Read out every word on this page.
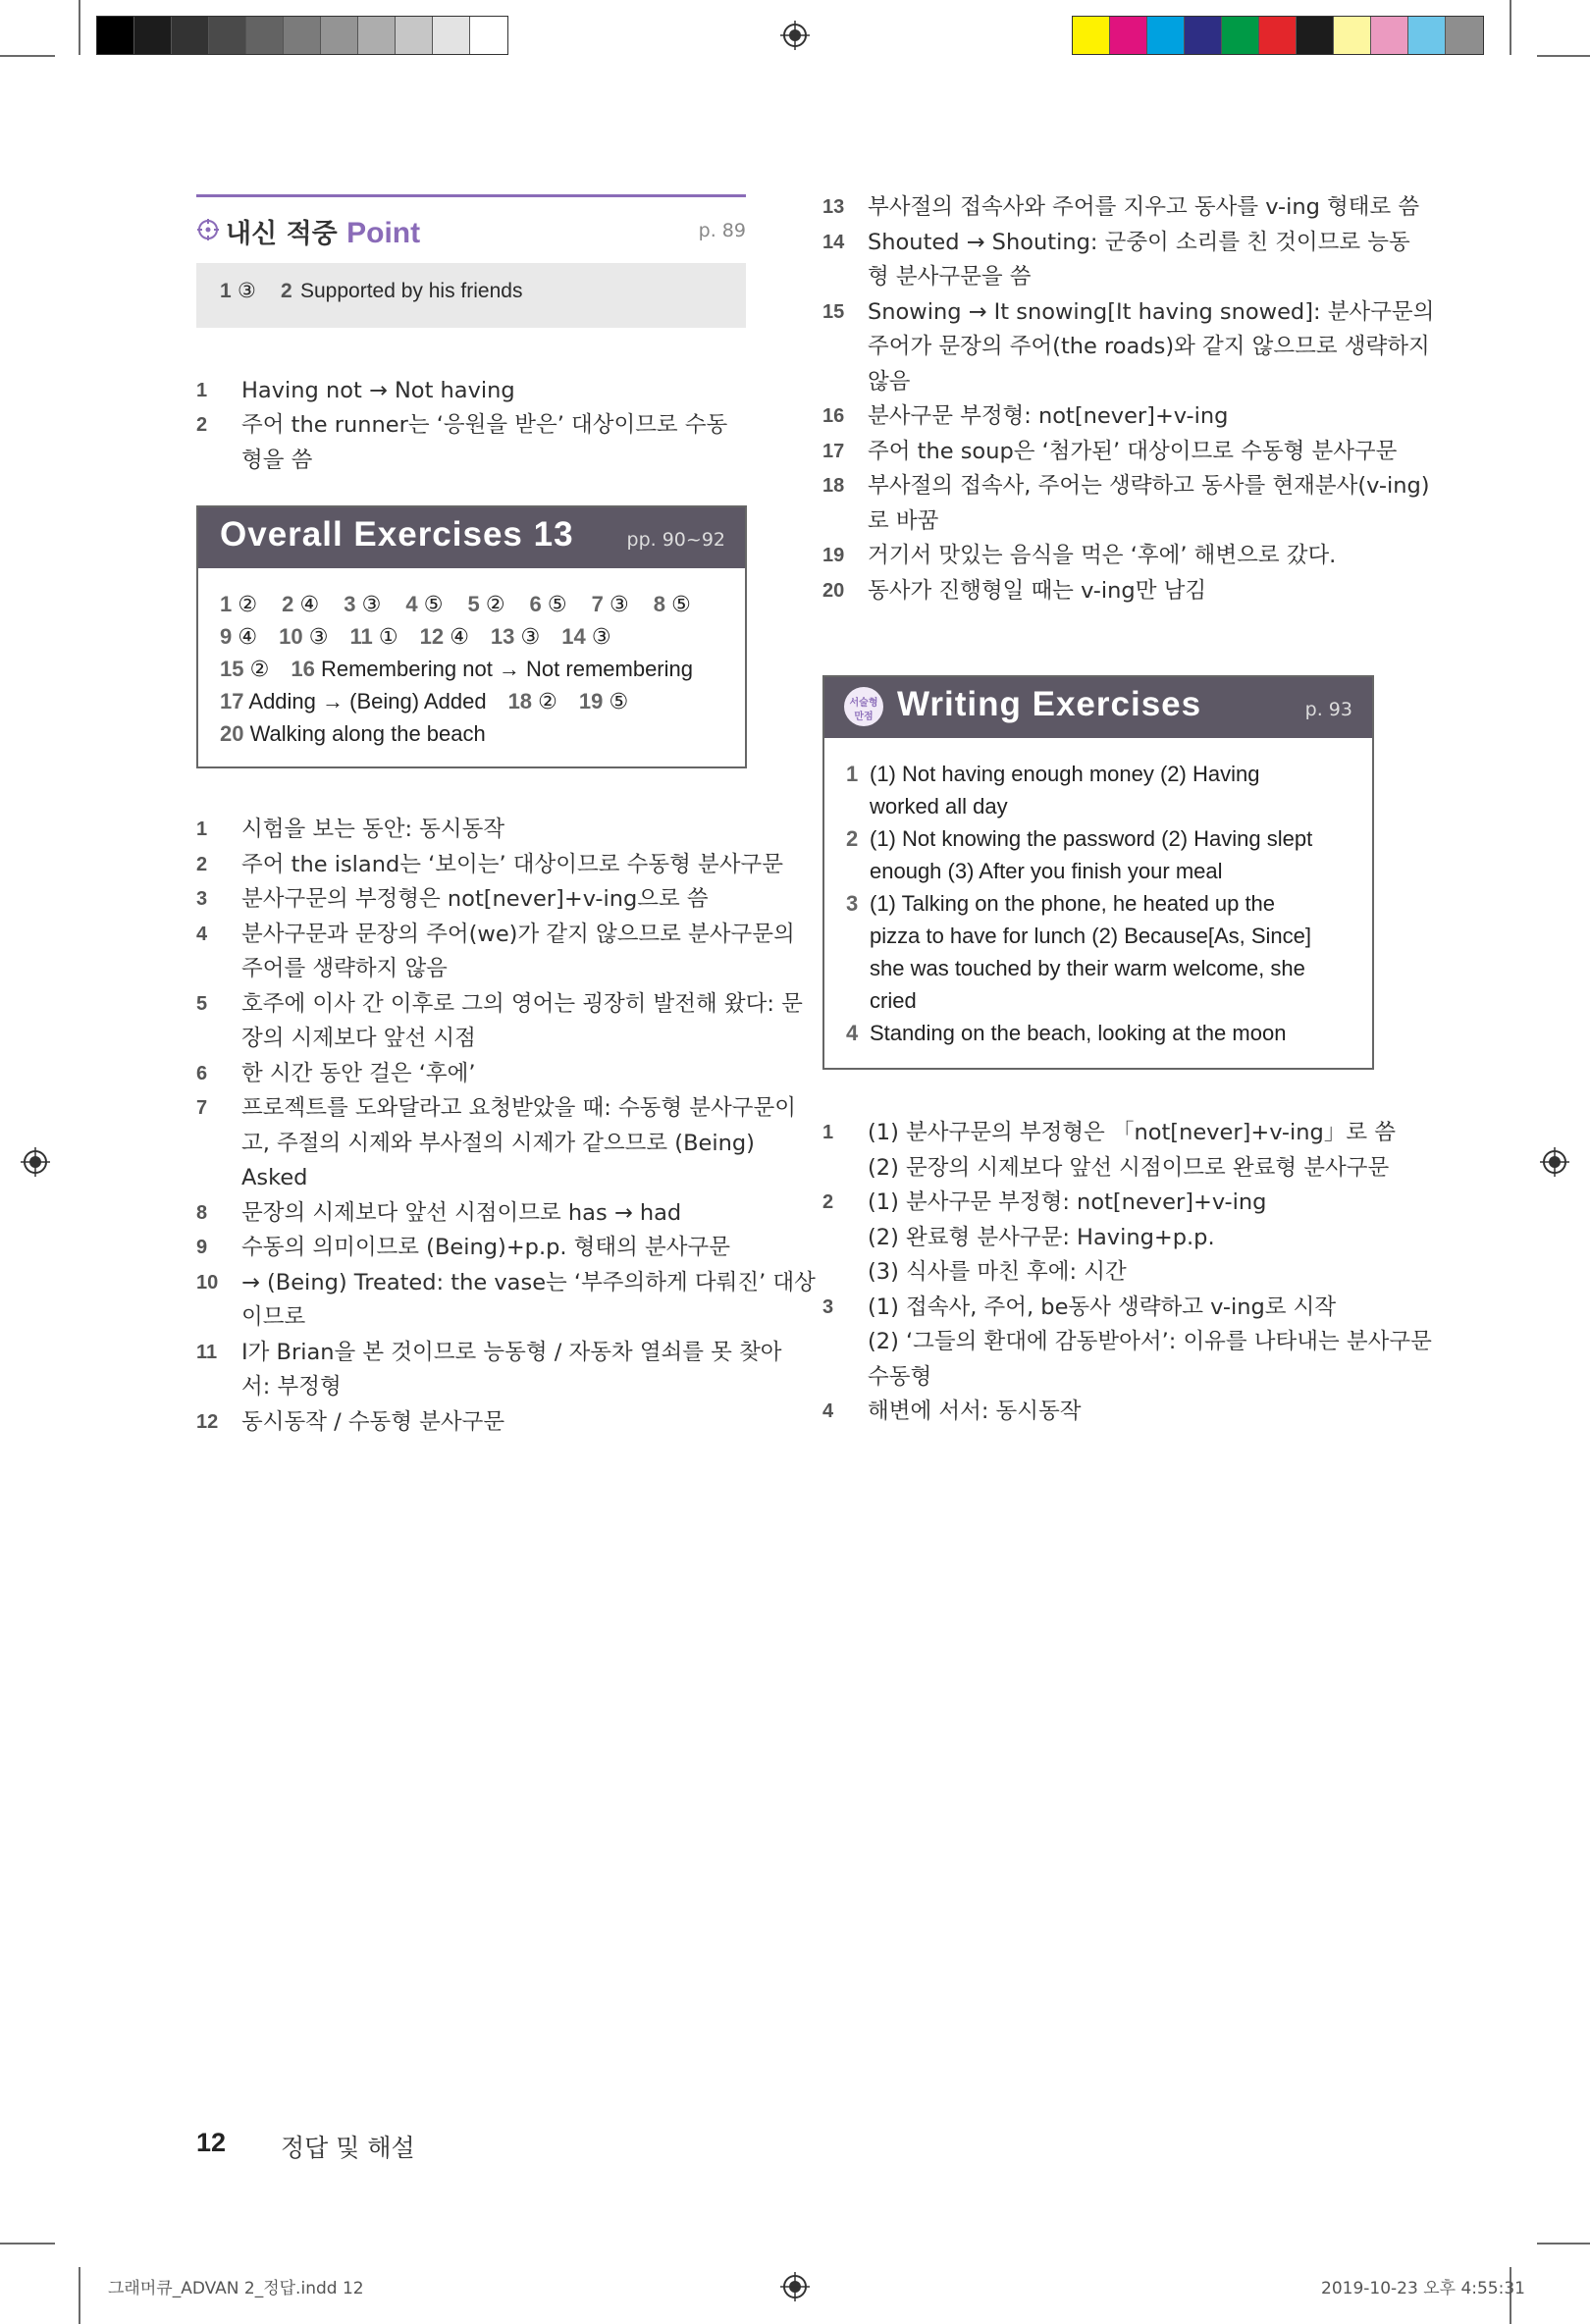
내신 적중 Point	p. 89
1 ③ 2 Supported by his friends
1	Having not → Not having
2	주어 the runner는 ‘응원을 받은’ 대상이므로 수동형을 씀
Overall Exercises 13	pp. 90~92
1 ② 2 ④ 3 ③ 4 ⑤ 5 ② 6 ⑤ 7 ③ 8 ⑤
9 ④ 10 ③ 11 ① 12 ④ 13 ③ 14 ③
15 ② 16 Remembering not → Not remembering
17 Adding → (Being) Added 18 ② 19 ⑤
20 Walking along the beach
1	시험을 보는 동안: 동시동작
2	주어 the island는 ‘보이는’ 대상이므로 수동형 분사구문
3	분사구문의 부정형은 not[never]+v-ing으로 씀
4	분사구문과 문장의 주어(we)가 같지 않으므로 분사구문의
주어를 생략하지 않음
5	호주에 이사 간 이후로 그의 영어는 굉장히 발전해 왔다: 문
장의 시제보다 앞선 시점
6	한 시간 동안 걸은 ‘후에’
7	프로젝트를 도와달라고 요청받았을 때: 수동형 분사구문이
고, 주절의 시제와 부사절의 시제가 같으므로 (Being)
Asked
8	문장의 시제보다 앞선 시점이므로 has → had
9	수동의 의미이므로 (Being)+p.p. 형태의 분사구문
10	→ (Being) Treated: the vase는 ‘부주의하게 다뤄진’ 대상
이므로
11	I가 Brian을 본 것이므로 능동형 / 자동차 열쇠를 못 찾아
서: 부정형
12	동시동작 / 수동형 분사구문
13	부사절의 접속사와 주어를 지우고 동사를 v-ing 형태로 씀
14	Shouted → Shouting: 군중이 소리를 친 것이므로 능동
형 분사구문을 씀
15	Snowing → It snowing[It having snowed]: 분사구문의
주어가 문장의 주어(the roads)와 같지 않으므로 생략하지
않음
16	분사구문 부정형: not[never]+v-ing
17	주어 the soup은 ‘첨가된’ 대상이므로 수동형 분사구문
18	부사절의 접속사, 주어는 생략하고 동사를 현재분사(v-ing)
로 바꿈
19	거기서 맛있는 음식을 먹은 ‘후에’ 해변으로 갔다.
20	동사가 진행형일 때는 v-ing만 남김
서술형
만점 Writing Exercises	p. 93
1 (1) Not having enough money (2) Having
worked all day
2 (1) Not knowing the password (2) Having slept
enough (3) After you finish your meal
3 (1) Talking on the phone, he heated up the
pizza to have for lunch (2) Because[As, Since]
she was touched by their warm welcome, she
cried
4 Standing on the beach, looking at the moon
1	(1) 분사구문의 부정형은 「not[never]+v-ing」로 씀
(2) 문장의 시제보다 앞선 시점이므로 완료형 분사구문
2	(1) 분사구문 부정형: not[never]+v-ing
(2) 완료형 분사구문: Having+p.p.
(3) 식사를 마친 후에: 시간
3	(1) 접속사, 주어, be동사 생략하고 v-ing로 시작
(2) ‘그들의 환대에 감동받아서’: 이유를 나타내는 분사구문
수동형
4	해변에 서서: 동시동작
12 정답 및 해설
그래머큐_ADVAN 2_정답.indd 12	2019-10-23 오후 4:55:31
